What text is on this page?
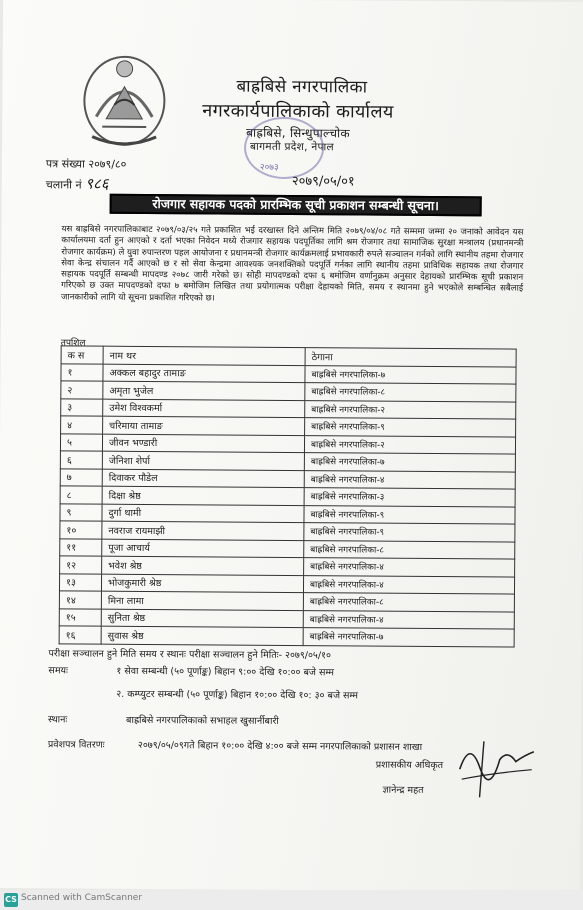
बाह्रबिसे नगरपालिका
नगरकार्यपालिकाको कार्यालय
बाह्रबिसे, सिन्धुपाल्चोक
बागमती प्रदेश, नेपाल
२०७३
पत्र संख्या २०७९/८०
चलानी नं ९८६	२०७९/०५/०१
रोजगार सहायक पदको प्रारम्भिक सूची प्रकाशन सम्बन्धी सूचना।
यस बाह्रबिसे नगरपालिकाबाट २०७९/०३/२५ गते प्रकाशित भई दरखास्त दिने अन्तिम मिति २०७९/०४/०८ गते सम्ममा जम्मा २० जनाको आवेदन यस कार्यालयमा दर्ता हुन आएको र दर्ता भएका निवेदन मध्ये रोजगार सहायक पदपूर्तिका लागि श्रम रोजगार तथा सामाजिक सुरक्षा मन्त्रालय (प्रधानमन्त्री रोजगार कार्यक्रम) ले युवा रुपान्तरण पहल आयोजना र प्रधानमन्त्री रोजगार कार्यक्रमलाई प्रभावकारी रुपले सञ्चालन गर्नको लागि स्थानीय तहमा रोजगार सेवा केन्द्र संचालन गर्दै आएको छ र सो सेवा केन्द्रमा आवश्यक जनशक्तिको पदपूर्ति गर्नका लागि स्थानीय तहमा प्राविधिक सहायक तथा रोजगार सहायक पदपूर्ति सम्बन्धी मापदण्ड २०७८ जारी गरेको छ। सोही मापदण्डको दफा ६ बमोजिम वर्णानुक्रम अनुसार देहायको प्रारम्भिक सूची प्रकाशन गरिएको छ उक्त मापदण्डको दफा ७ बमोजिम लिखित तथा प्रयोगात्मक परीक्षा देहायको मिति, समय र स्थानमा हुने भएकोले सम्बन्धित सबैलाई जानकारीको लागि यो सूचना प्रकाशित गरिएको छ।
तपशिल
क स	नाम थर	ठेगाना
१	अक्कल बहादुर तामाङ	बाह्रबिसे नगरपालिका-७
२	अमृता भुजेल	बाह्रबिसे नगरपालिका-८
३	उमेश विश्वकर्मा	बाह्रबिसे नगरपालिका-२
४	चरिमाया तामाङ	बाह्रबिसे नगरपालिका-९
५	जीवन भण्डारी	बाह्रबिसे नगरपालिका-२
६	जेनिशा शेर्पा	बाह्रबिसे नगरपालिका-७
७	दिवाकर पौडेल	बाह्रबिसे नगरपालिका-४
८	दिक्षा श्रेष्ठ	बाह्रबिसे नगरपालिका-३
९	दुर्गा थामी	बाह्रबिसे नगरपालिका-९
१०	नवराज रायमाझी	बाह्रबिसे नगरपालिका-९
११	पूजा आचार्य	बाह्रबिसे नगरपालिका-८
१२	भवेश श्रेष्ठ	बाह्रबिसे नगरपालिका-४
१३	भोजकुमारी श्रेष्ठ	बाह्रबिसे नगरपालिका-४
१४	मिना लामा	बाह्रबिसे नगरपालिका-८
१५	सुनिता श्रेष्ठ	बाह्रबिसे नगरपालिका-४
१६	सुवास श्रेष्ठ	बाह्रबिसे नगरपालिका-७
परीक्षा सञ्चालन हुने मिति समय र स्थानः परीक्षा सञ्चालन हुने मितिः- २०७९/०५/१०
समयः	१ सेवा सम्बन्धी (५० पूर्णाङ्क) बिहान ९:०० देखि १०:०० बजे सम्म
२. कम्प्युटर सम्बन्धी (५० पूर्णाङ्क) बिहान १०:०० देखि १०: ३० बजे सम्म
स्थानः	बाह्रबिसे नगरपालिकाको सभाहल खुसार्नीबारी
प्रवेशपत्र वितरणः	२०७९/०५/०९गते बिहान १०:०० देखि ४:०० बजे सम्म नगरपालिकाको प्रशासन शाखा
प्रशासकीय अधिकृत
ज्ञानेन्द्र महत
CS Scanned with CamScanner
